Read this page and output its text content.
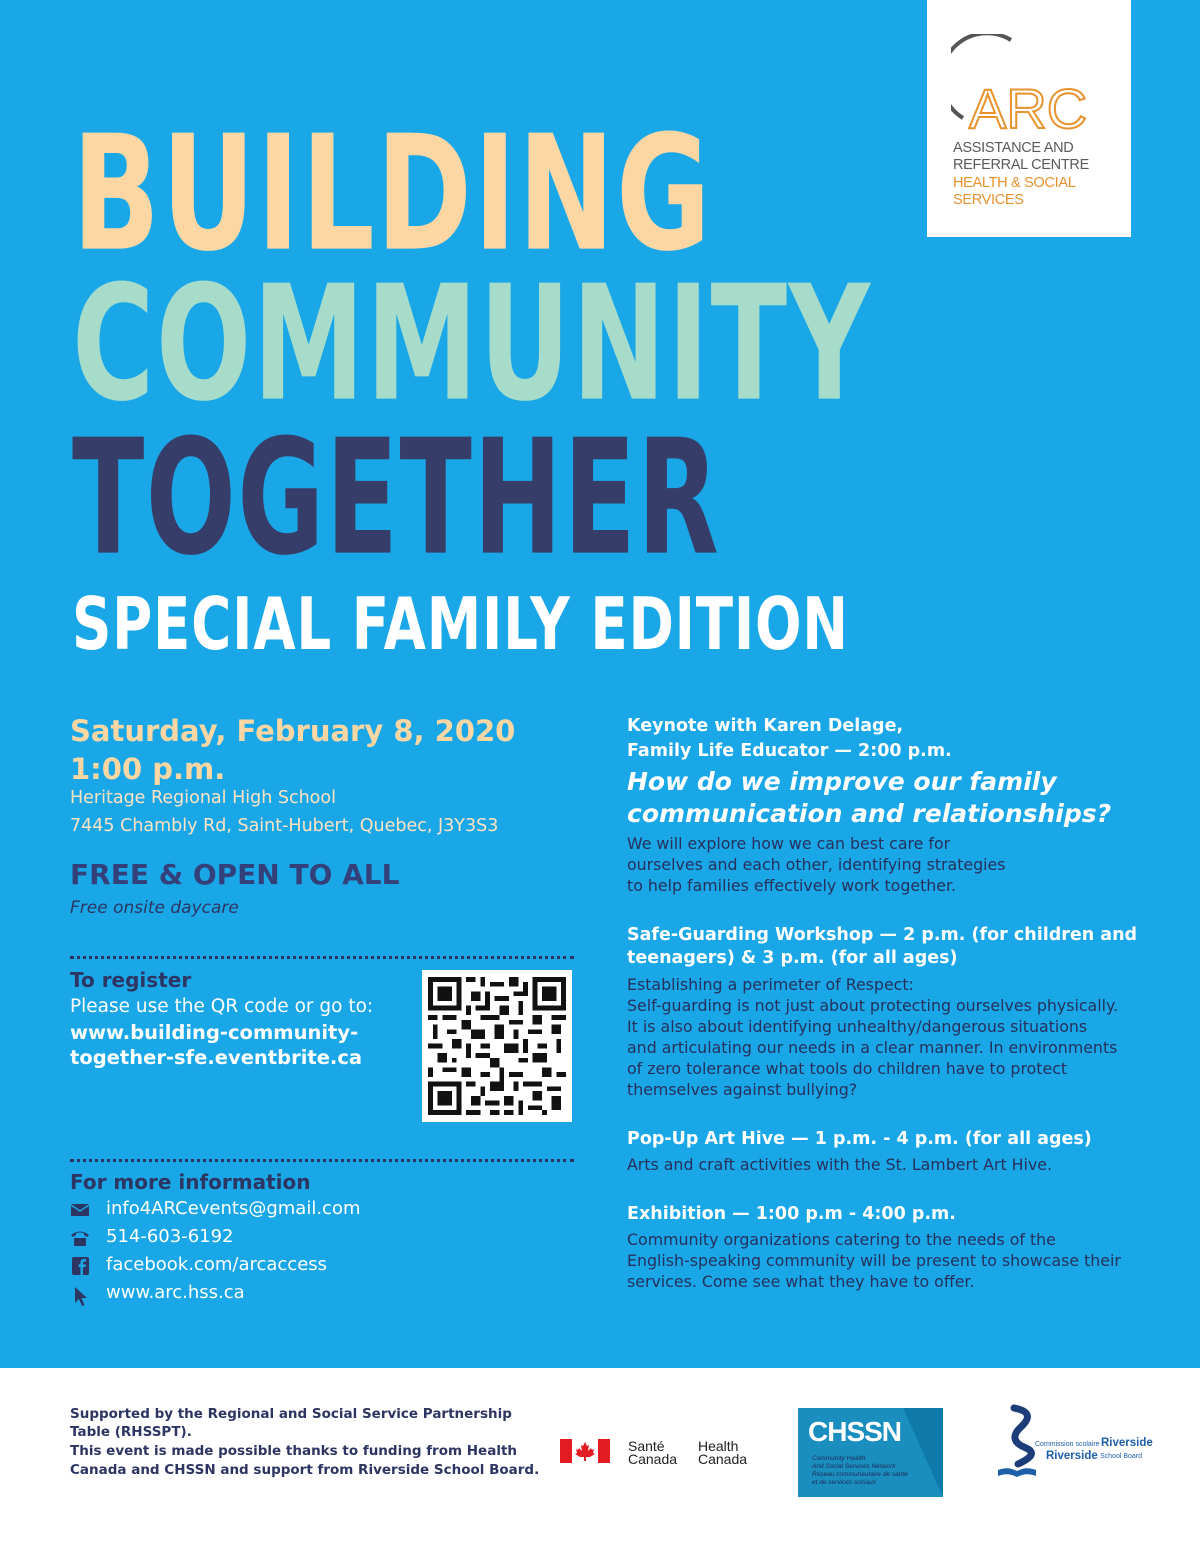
ARC
ASSISTANCE AND
REFERRAL CENTRE
HEALTH & SOCIAL
SERVICES
BUILDING
COMMUNITY
TOGETHER
SPECIAL FAMILY EDITION
Saturday, February 8, 2020
1:00 p.m.
Heritage Regional High School
7445 Chambly Rd, Saint-Hubert, Quebec, J3Y3S3
FREE & OPEN TO ALL
Free onsite daycare
To register
Please use the QR code or go to:
www.building-community-
together-sfe.eventbrite.ca
For more information
info4ARCevents@gmail.com
514-603-6192
facebook.com/arcaccess
www.arc.hss.ca
Keynote with Karen Delage,
Family Life Educator — 2:00 p.m.
How do we improve our family
communication and relationships?
We will explore how we can best care for
ourselves and each other, identifying strategies
to help families effectively work together.
Safe-Guarding Workshop — 2 p.m. (for children and
teenagers) & 3 p.m. (for all ages)
Establishing a perimeter of Respect:
Self-guarding is not just about protecting ourselves physically.
It is also about identifying unhealthy/dangerous situations
and articulating our needs in a clear manner. In environments
of zero tolerance what tools do children have to protect
themselves against bullying?
Pop-Up Art Hive — 1 p.m. - 4 p.m. (for all ages)
Arts and craft activities with the St. Lambert Art Hive.
Exhibition — 1:00 p.m - 4:00 p.m.
Community organizations catering to the needs of the
English-speaking community will be present to showcase their
services. Come see what they have to offer.
Supported by the Regional and Social Service Partnership
Table (RHSSPT).
This event is made possible thanks to funding from Health
Canada and CHSSN and support from Riverside School Board.
Santé
Canada
Health
Canada
CHSSN
Community Health
And Social Services Network
Réseau communautaire de santé
et de services sociaux
Commission scolaire Riverside
Riverside School Board
